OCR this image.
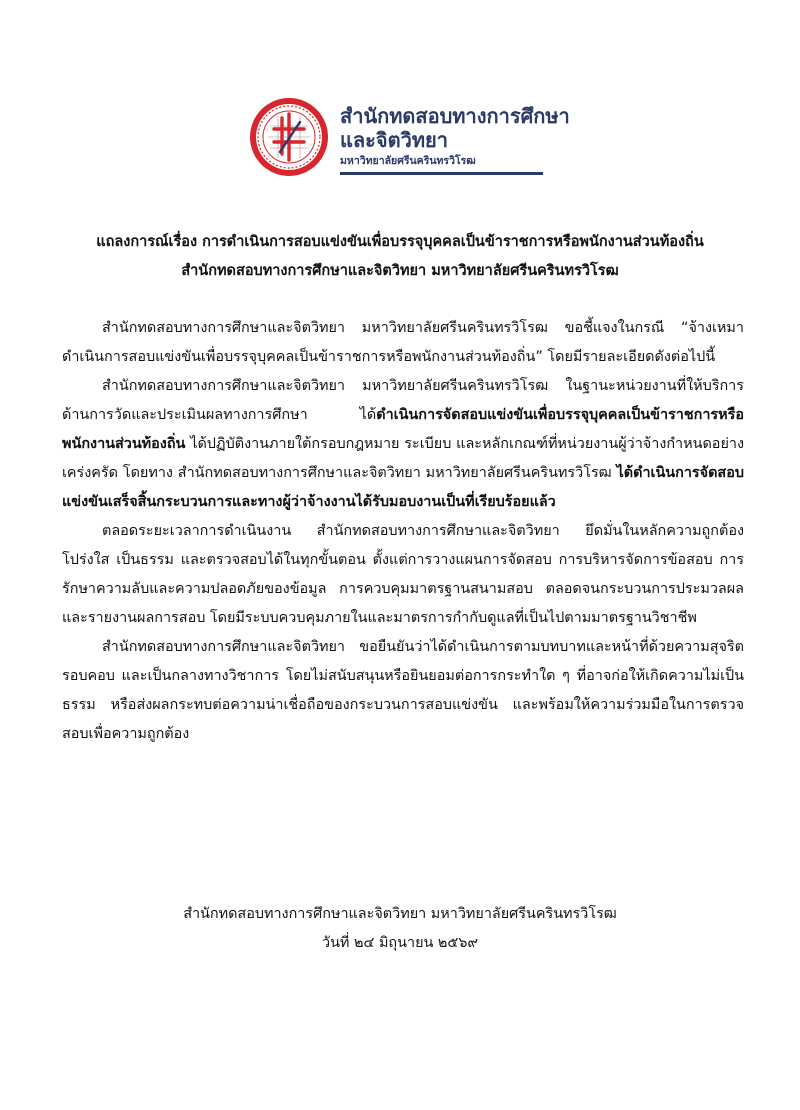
สำนักทดสอบทางการศึกษา
และจิตวิทยา
มหาวิทยาลัยศรีนครินทรวิโรฒ
แถลงการณ์เรื่อง การดำเนินการสอบแข่งขันเพื่อบรรจุบุคคลเป็นข้าราชการหรือพนักงานส่วนท้องถิ่น
สำนักทดสอบทางการศึกษาและจิตวิทยา มหาวิทยาลัยศรีนครินทรวิโรฒ

สำนักทดสอบทางการศึกษาและจิตวิทยา มหาวิทยาลัยศรีนครินทรวิโรฒ ขอชี้แจงในกรณี “จ้างเหมาดำเนินการสอบแข่งขันเพื่อบรรจุบุคคลเป็นข้าราชการหรือพนักงานส่วนท้องถิ่น” โดยมีรายละเอียดดังต่อไปนี้

สำนักทดสอบทางการศึกษาและจิตวิทยา มหาวิทยาลัยศรีนครินทรวิโรฒ ในฐานะหน่วยงานที่ให้บริการด้านการวัดและประเมินผลทางการศึกษา ได้ดำเนินการจัดสอบแข่งขันเพื่อบรรจุบุคคลเป็นข้าราชการหรือพนักงานส่วนท้องถิ่น ได้ปฏิบัติงานภายใต้กรอบกฎหมาย ระเบียบ และหลักเกณฑ์ที่หน่วยงานผู้ว่าจ้างกำหนดอย่างเคร่งครัด โดยทาง สำนักทดสอบทางการศึกษาและจิตวิทยา มหาวิทยาลัยศรีนครินทรวิโรฒ ได้ดำเนินการจัดสอบแข่งขันเสร็จสิ้นกระบวนการและทางผู้ว่าจ้างงานได้รับมอบงานเป็นที่เรียบร้อยแล้ว

ตลอดระยะเวลาการดำเนินงาน สำนักทดสอบทางการศึกษาและจิตวิทยา ยึดมั่นในหลักความถูกต้อง โปร่งใส เป็นธรรม และตรวจสอบได้ในทุกขั้นตอน ตั้งแต่การวางแผนการจัดสอบ การบริหารจัดการข้อสอบ การรักษาความลับและความปลอดภัยของข้อมูล การควบคุมมาตรฐานสนามสอบ ตลอดจนกระบวนการประมวลผลและรายงานผลการสอบ โดยมีระบบควบคุมภายในและมาตรการกำกับดูแลที่เป็นไปตามมาตรฐานวิชาชีพ

สำนักทดสอบทางการศึกษาและจิตวิทยา ขอยืนยันว่าได้ดำเนินการตามบทบาทและหน้าที่ด้วยความสุจริต รอบคอบ และเป็นกลางทางวิชาการ โดยไม่สนับสนุนหรือยินยอมต่อการกระทำใด ๆ ที่อาจก่อให้เกิดความไม่เป็นธรรม หรือส่งผลกระทบต่อความน่าเชื่อถือของกระบวนการสอบแข่งขัน และพร้อมให้ความร่วมมือในการตรวจสอบเพื่อความถูกต้อง

สำนักทดสอบทางการศึกษาและจิตวิทยา มหาวิทยาลัยศรีนครินทรวิโรฒ
วันที่ ๒๔ มิถุนายน ๒๕๖๙
